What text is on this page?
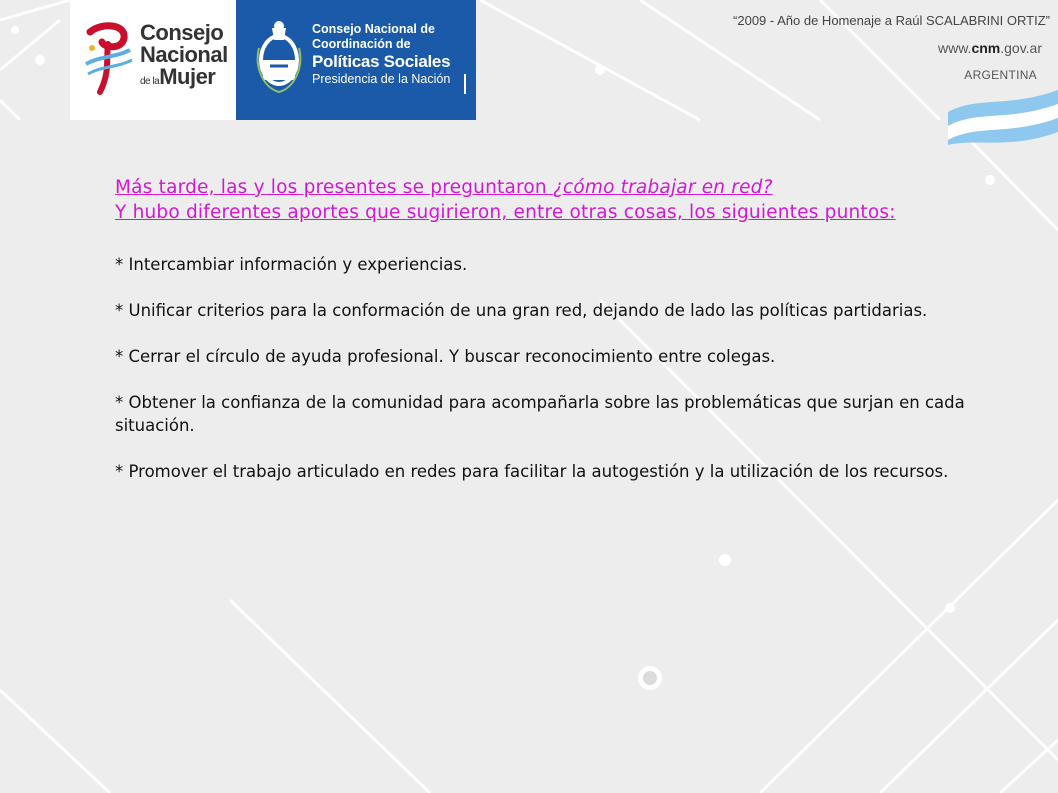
Consejo
Nacional
de laMujer
Consejo Nacional de
Coordinación de
Políticas Sociales
Presidencia de la Nación
“2009 - Año de Homenaje a Raúl SCALABRINI ORTIZ”
www.cnm.gov.ar
ARGENTINA

Más tarde, las y los presentes se preguntaron ¿cómo trabajar en red?

Y hubo diferentes aportes que sugirieron, entre otras cosas, los siguientes puntos:

* Intercambiar información y experiencias.

* Unificar criterios para la conformación de una gran red, dejando de lado las políticas partidarias.

* Cerrar el círculo de ayuda profesional. Y buscar reconocimiento entre colegas.

* Obtener la confianza de la comunidad para acompañarla sobre las problemáticas que surjan en cada situación.

* Promover el trabajo articulado en redes para facilitar la autogestión y la utilización de los recursos.
